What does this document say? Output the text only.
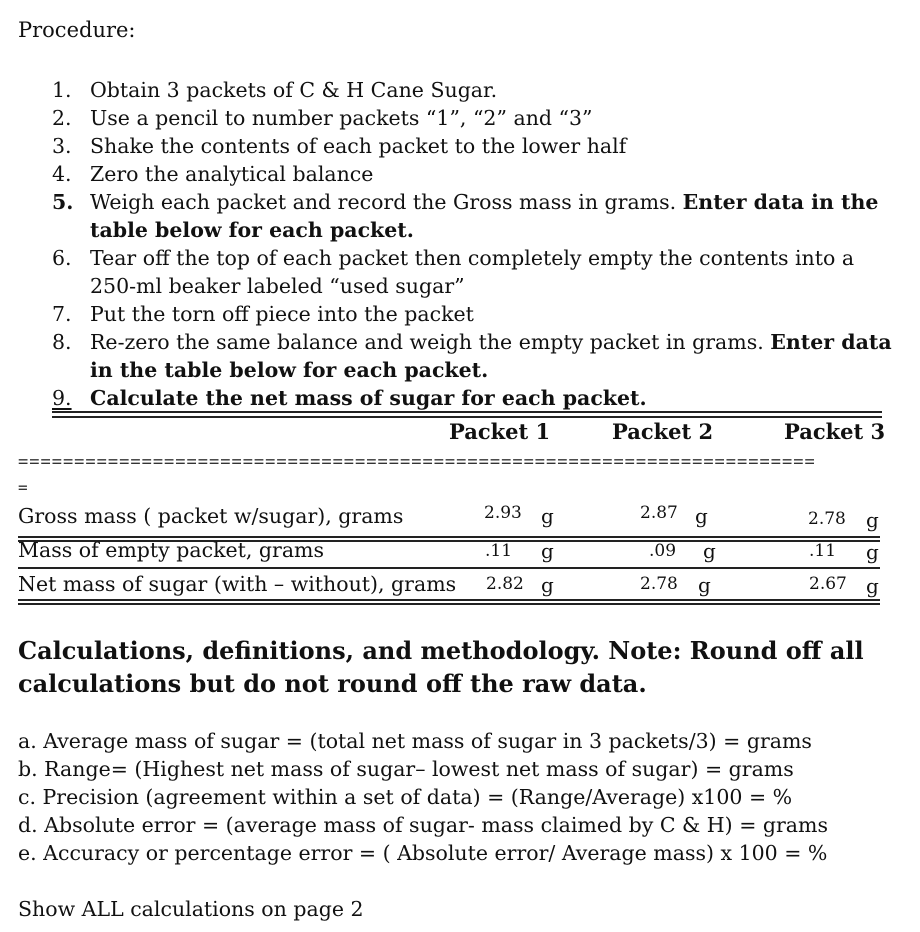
Procedure:
1. Obtain 3 packets of C & H Cane Sugar.
2. Use a pencil to number packets “1”, “2” and “3”
3. Shake the contents of each packet to the lower half
4. Zero the analytical balance
5. Weigh each packet and record the Gross mass in grams. Enter data in the table below for each packet.
6. Tear off the top of each packet then completely empty the contents into a 250-ml beaker labeled “used sugar”
7. Put the torn off piece into the packet
8. Re-zero the same balance and weigh the empty packet in grams. Enter data in the table below for each packet.
9. Calculate the net mass of sugar for each packet.
Packet 1	Packet 2	Packet 3
=======================================================================
=
Gross mass ( packet w/sugar), grams	2.93 g	2.87 g	2.78 g
Mass of empty packet, grams	.11 g	.09 g	.11 g
Net mass of sugar (with – without), grams 2.82 g	2.78 g	2.67 g
Calculations, definitions, and methodology. Note: Round off all calculations but do not round off the raw data.
a. Average mass of sugar = (total net mass of sugar in 3 packets/3) = grams
b. Range= (Highest net mass of sugar– lowest net mass of sugar) = grams
c. Precision (agreement within a set of data) = (Range/Average) x100 = %
d. Absolute error = (average mass of sugar- mass claimed by C & H) = grams
e. Accuracy or percentage error = ( Absolute error/ Average mass) x 100 = %
Show ALL calculations on page 2
